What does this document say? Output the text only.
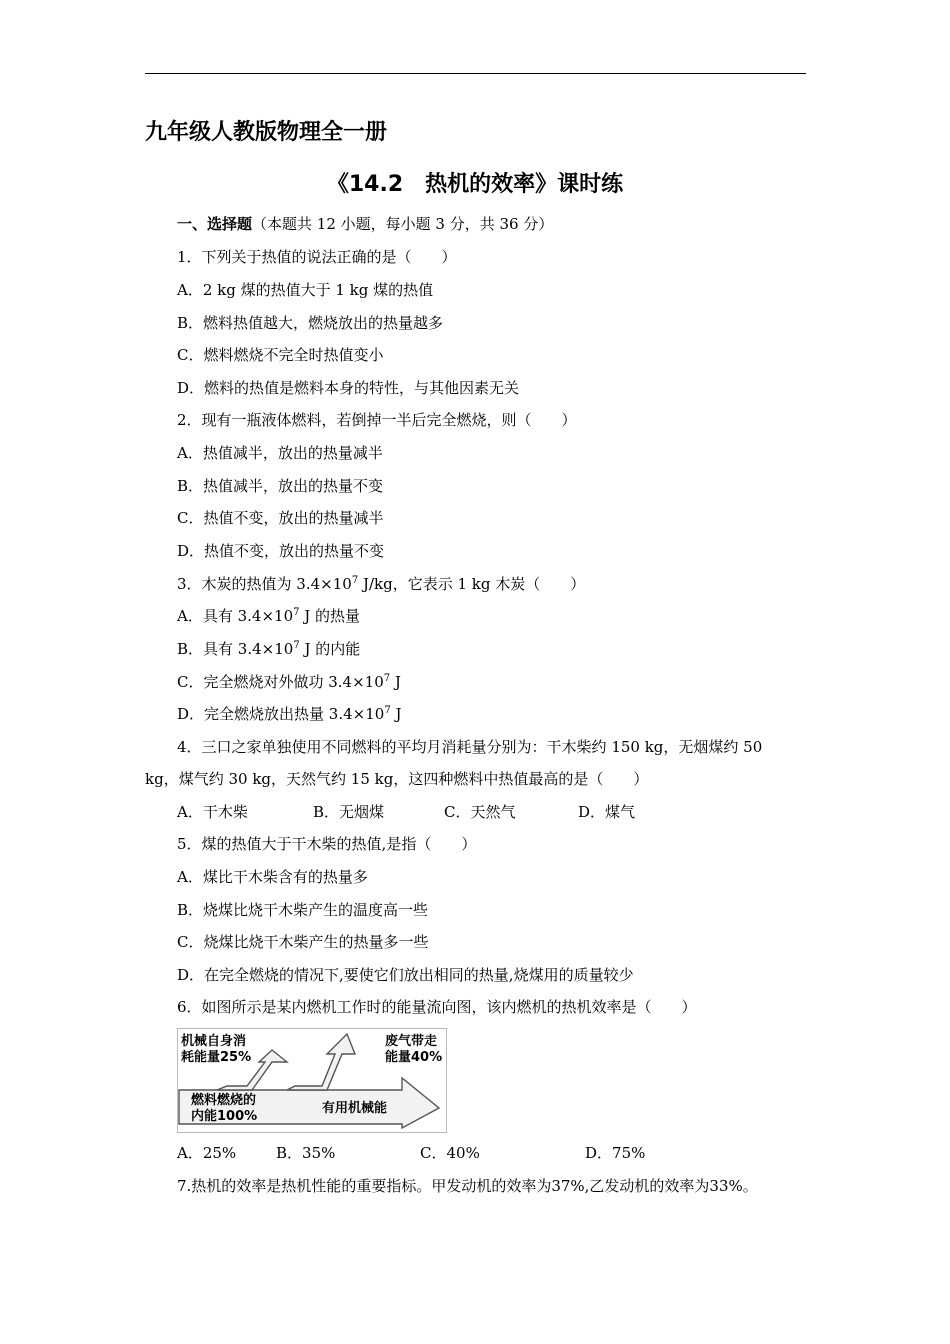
九年级人教版物理全一册
《14.2　热机的效率》课时练
一、选择题（本题共 12 小题，每小题 3 分，共 36 分）
1．下列关于热值的说法正确的是（　　）
A．2 kg 煤的热值大于 1 kg 煤的热值
B．燃料热值越大，燃烧放出的热量越多
C．燃料燃烧不完全时热值变小
D．燃料的热值是燃料本身的特性，与其他因素无关
2．现有一瓶液体燃料，若倒掉一半后完全燃烧，则（　　）
A．热值减半，放出的热量减半
B．热值减半，放出的热量不变
C．热值不变，放出的热量减半
D．热值不变，放出的热量不变
3．木炭的热值为 $3.4\times 10^7$ J/kg，它表示 1 kg 木炭（　　）
A．具有 $3.4\times 10^7$ J 的热量
B．具有 $3.4\times 10^7$ J 的内能
C．完全燃烧对外做功 $3.4\times 10^7$ J
D．完全燃烧放出热量 $3.4\times 10^7$ J
4．三口之家单独使用不同燃料的平均月消耗量分别为：干木柴约 150 kg，无烟煤约 50
kg，煤气约 30 kg，天然气约 15 kg，这四种燃料中热值最高的是（　　）
A．干木柴	B．无烟煤	C．天然气	D．煤气
5．煤的热值大于干木柴的热值,是指（　　）
A．煤比干木柴含有的热量多
B．烧煤比烧干木柴产生的温度高一些
C．烧煤比烧干木柴产生的热量多一些
D．在完全燃烧的情况下,要使它们放出相同的热量,烧煤用的质量较少
6．如图所示是某内燃机工作时的能量流向图，该内燃机的热机效率是（　　）
机械自身消
耗能量25%
废气带走
能量40%
燃料燃烧的
内能100%
有用机械能
A．25%	B．35%	C．40%	D．75%
7.热机的效率是热机性能的重要指标。甲发动机的效率为37%,乙发动机的效率为33%。
